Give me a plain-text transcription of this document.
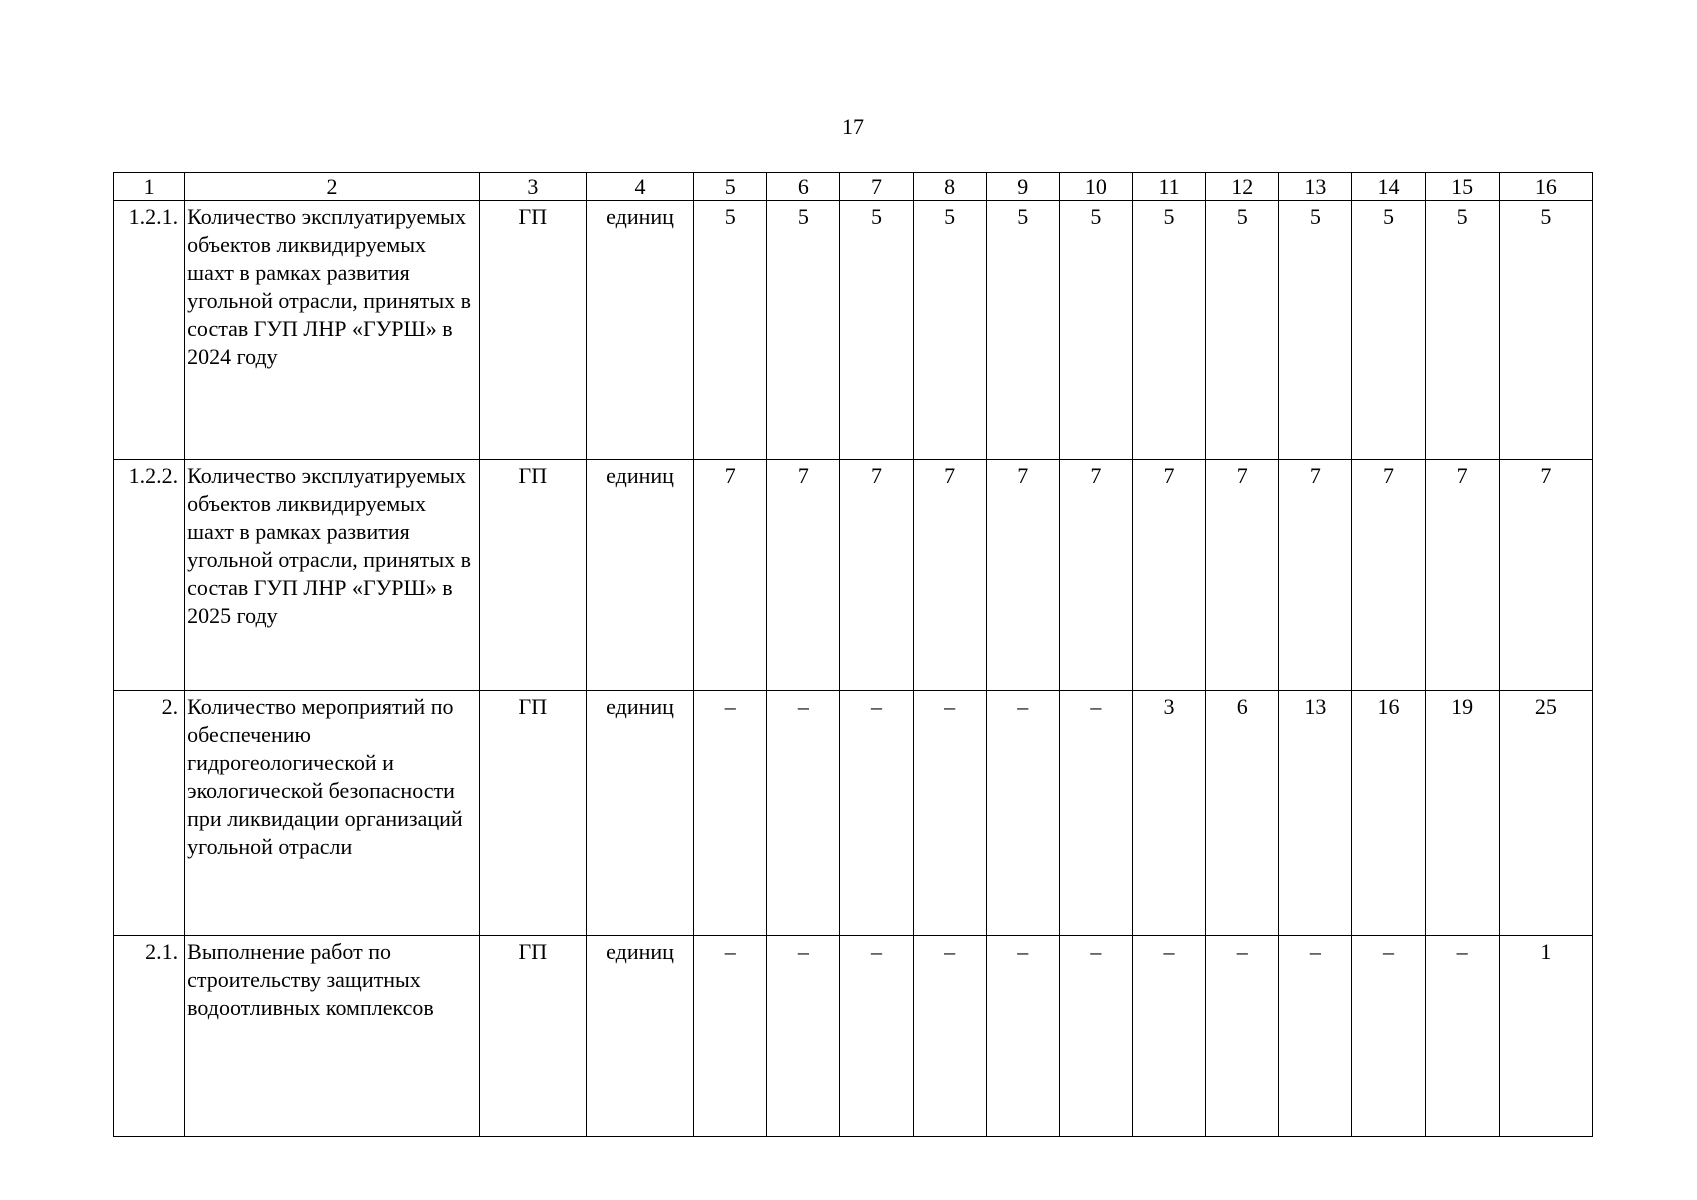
17
1	2	3	4	5	6	7	8	9	10	11	12	13	14	15	16
1.2.1.	Количество эксплуатируемых объектов ликвидируемых шахт в рамках развития угольной отрасли, принятых в состав ГУП ЛНР «ГУРШ» в 2024 году	ГП	единиц	5	5	5	5	5	5	5	5	5	5	5	5
1.2.2.	Количество эксплуатируемых объектов ликвидируемых шахт в рамках развития угольной отрасли, принятых в состав ГУП ЛНР «ГУРШ» в 2025 году	ГП	единиц	7	7	7	7	7	7	7	7	7	7	7	7
2.	Количество мероприятий по обеспечению гидрогеологической и экологической безопасности при ликвидации организаций угольной отрасли	ГП	единиц	–	–	–	–	–	–	3	6	13	16	19	25
2.1.	Выполнение работ по строительству защитных водоотливных комплексов	ГП	единиц	–	–	–	–	–	–	–	–	–	–	–	1
